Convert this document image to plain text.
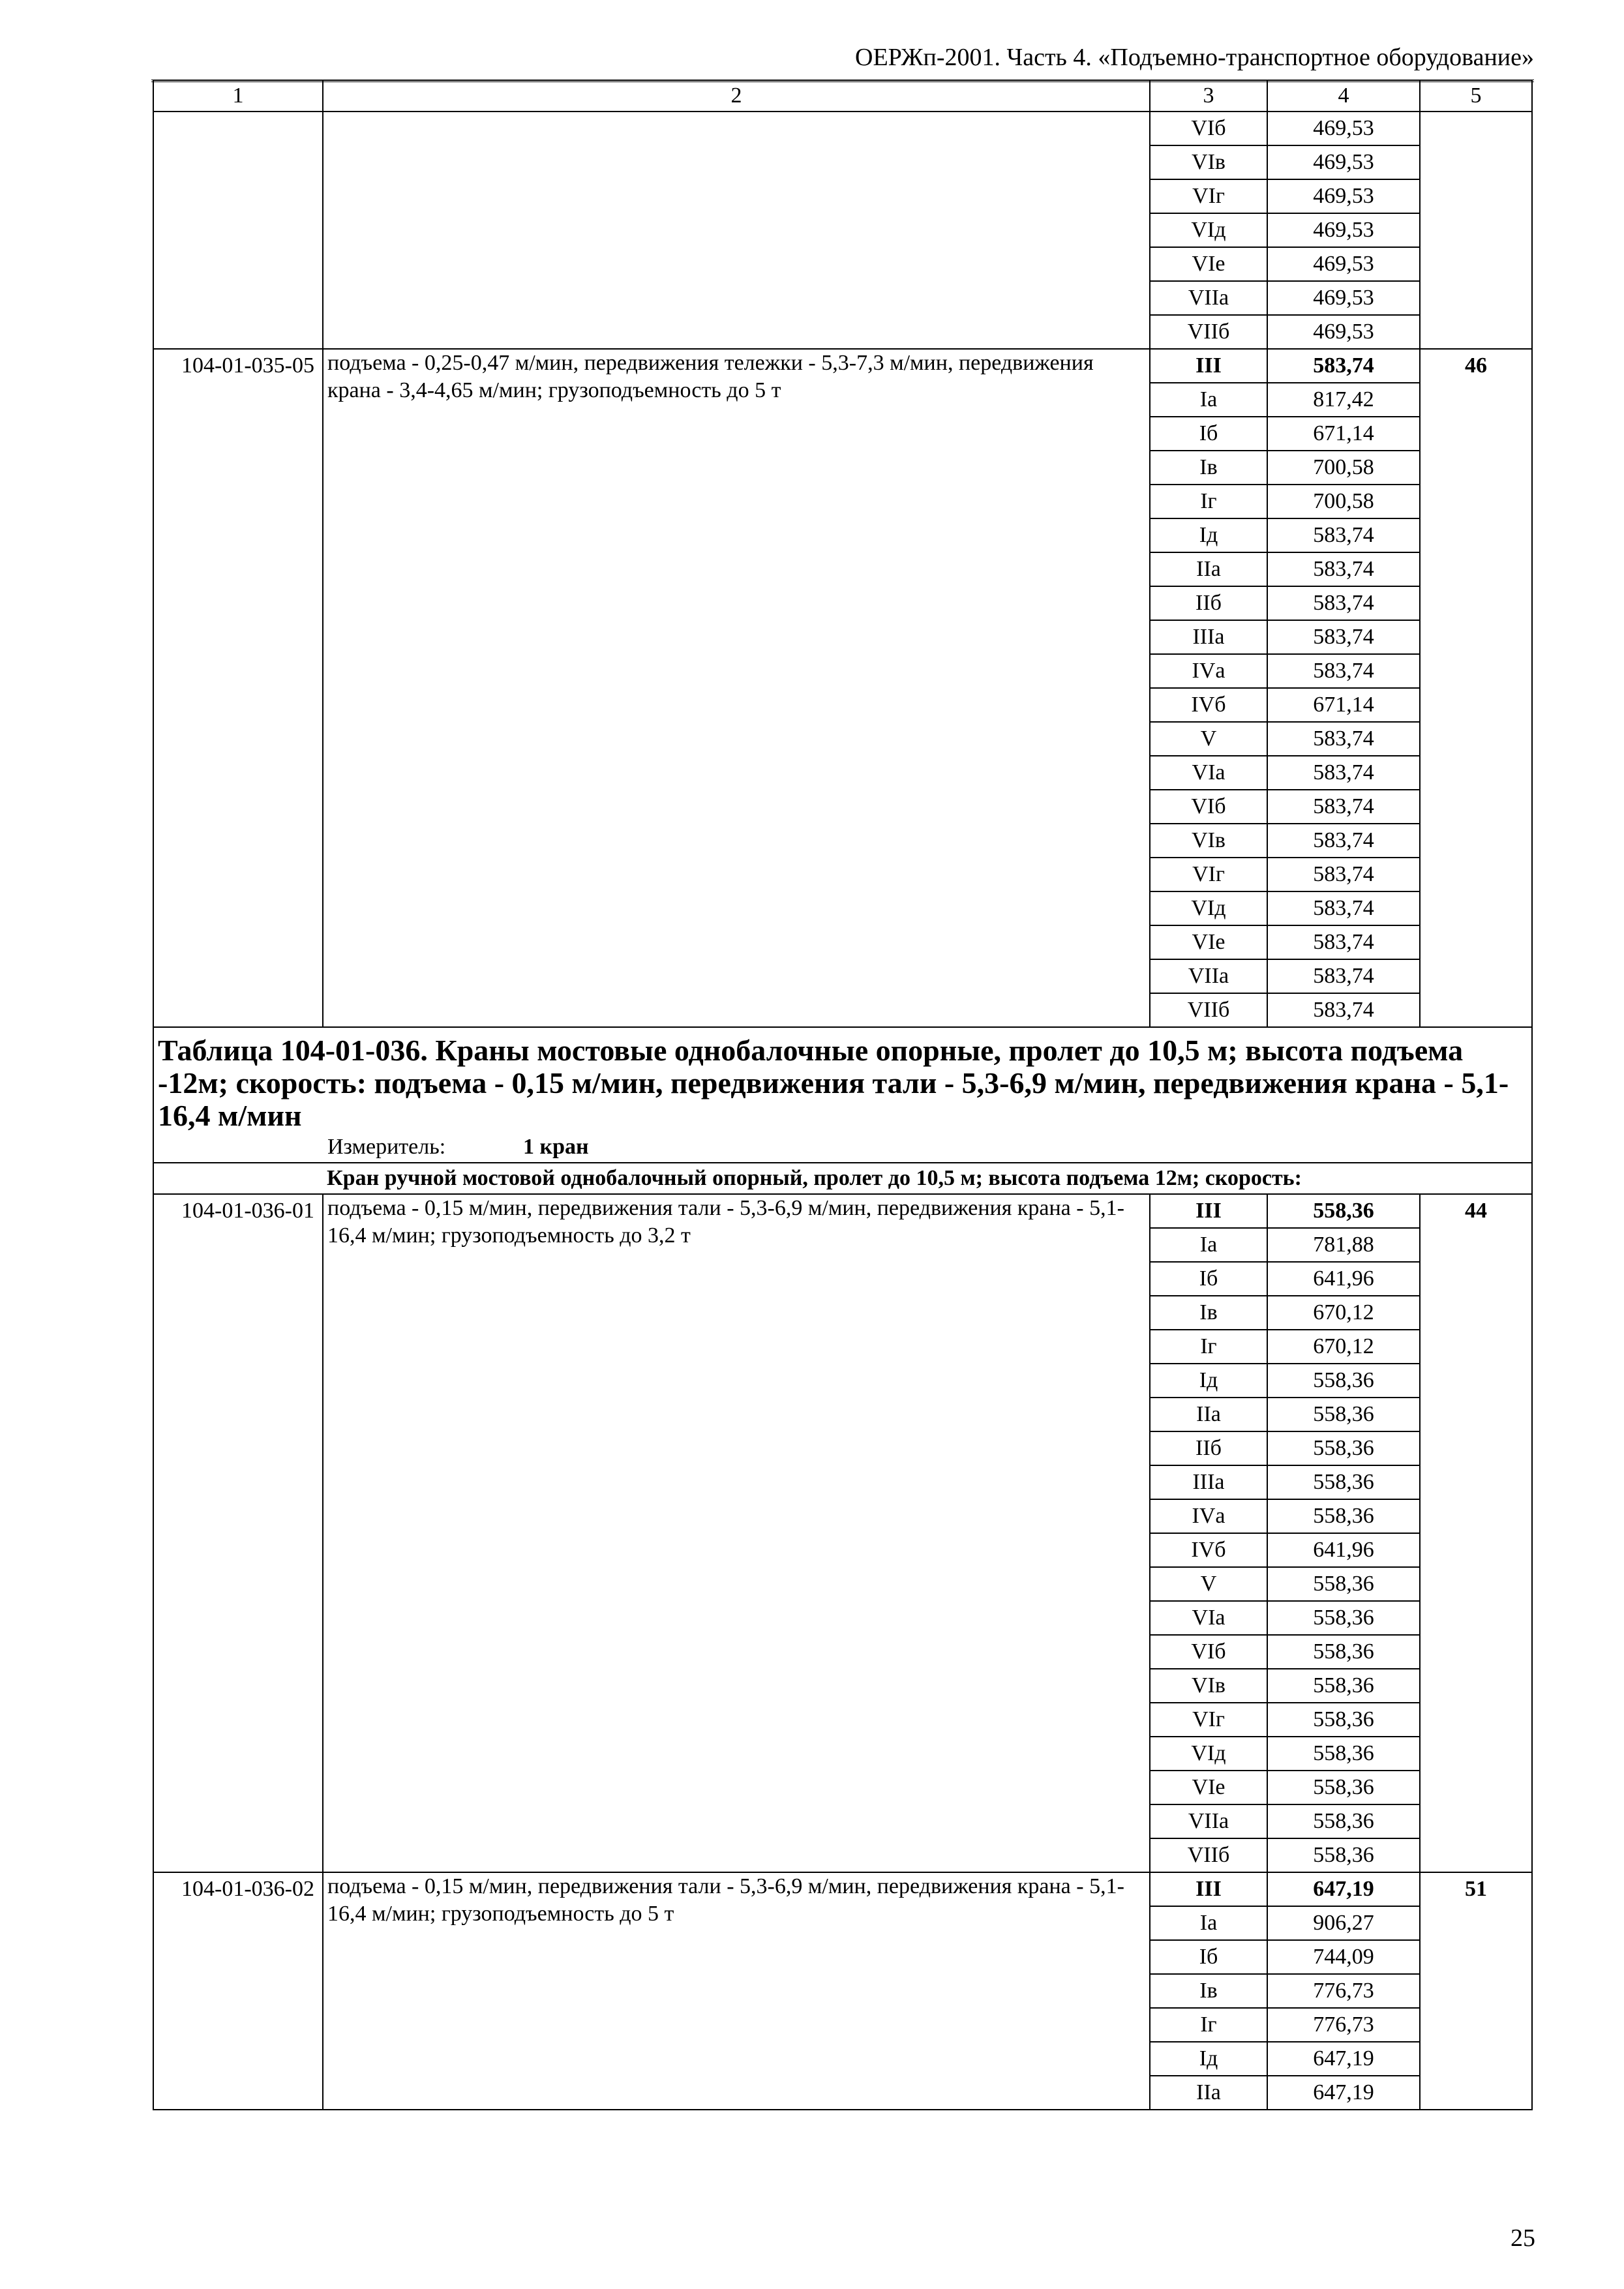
ОЕРЖп-2001. Часть 4. «Подъемно-транспортное оборудование»
1	2	3	4	5
		VIб	469,53	
		VIв	469,53	
		VIг	469,53	
		VIд	469,53	
		VIе	469,53	
		VIIа	469,53	
		VIIб	469,53	
104-01-035-05	подъема - 0,25-0,47 м/мин, передвижения тележки - 5,3-7,3 м/мин, передвижения крана - 3,4-4,65 м/мин; грузоподъемность до 5 т	III	583,74	46
		Iа	817,42	
		Iб	671,14	
		Iв	700,58	
		Iг	700,58	
		Iд	583,74	
		IIа	583,74	
		IIб	583,74	
		IIIа	583,74	
		IVа	583,74	
		IVб	671,14	
		V	583,74	
		VIа	583,74	
		VIб	583,74	
		VIв	583,74	
		VIг	583,74	
		VIд	583,74	
		VIе	583,74	
		VIIа	583,74	
		VIIб	583,74	

Таблица 104-01-036. Краны мостовые однобалочные опорные, пролет до 10,5 м; высота подъема -12м; скорость: подъема - 0,15 м/мин, передвижения тали - 5,3-6,9 м/мин, передвижения крана - 5,1-16,4 м/мин
Измеритель: 1 кран				

	Кран ручной мостовой однобалочный опорный, пролет до 10,5 м; высота подъема 12м; скорость:			
104-01-036-01	подъема - 0,15 м/мин, передвижения тали - 5,3-6,9 м/мин, передвижения крана - 5,1-16,4 м/мин; грузоподъемность до 3,2 т	III	558,36	44
		Iа	781,88	
		Iб	641,96	
		Iв	670,12	
		Iг	670,12	
		Iд	558,36	
		IIа	558,36	
		IIб	558,36	
		IIIа	558,36	
		IVа	558,36	
		IVб	641,96	
		V	558,36	
		VIа	558,36	
		VIб	558,36	
		VIв	558,36	
		VIг	558,36	
		VIд	558,36	
		VIе	558,36	
		VIIа	558,36	
		VIIб	558,36	
104-01-036-02	подъема - 0,15 м/мин, передвижения тали - 5,3-6,9 м/мин, передвижения крана - 5,1-16,4 м/мин; грузоподъемность до 5 т	III	647,19	51
		Iа	906,27	
		Iб	744,09	
		Iв	776,73	
		Iг	776,73	
		Iд	647,19	
		IIа	647,19	
25
